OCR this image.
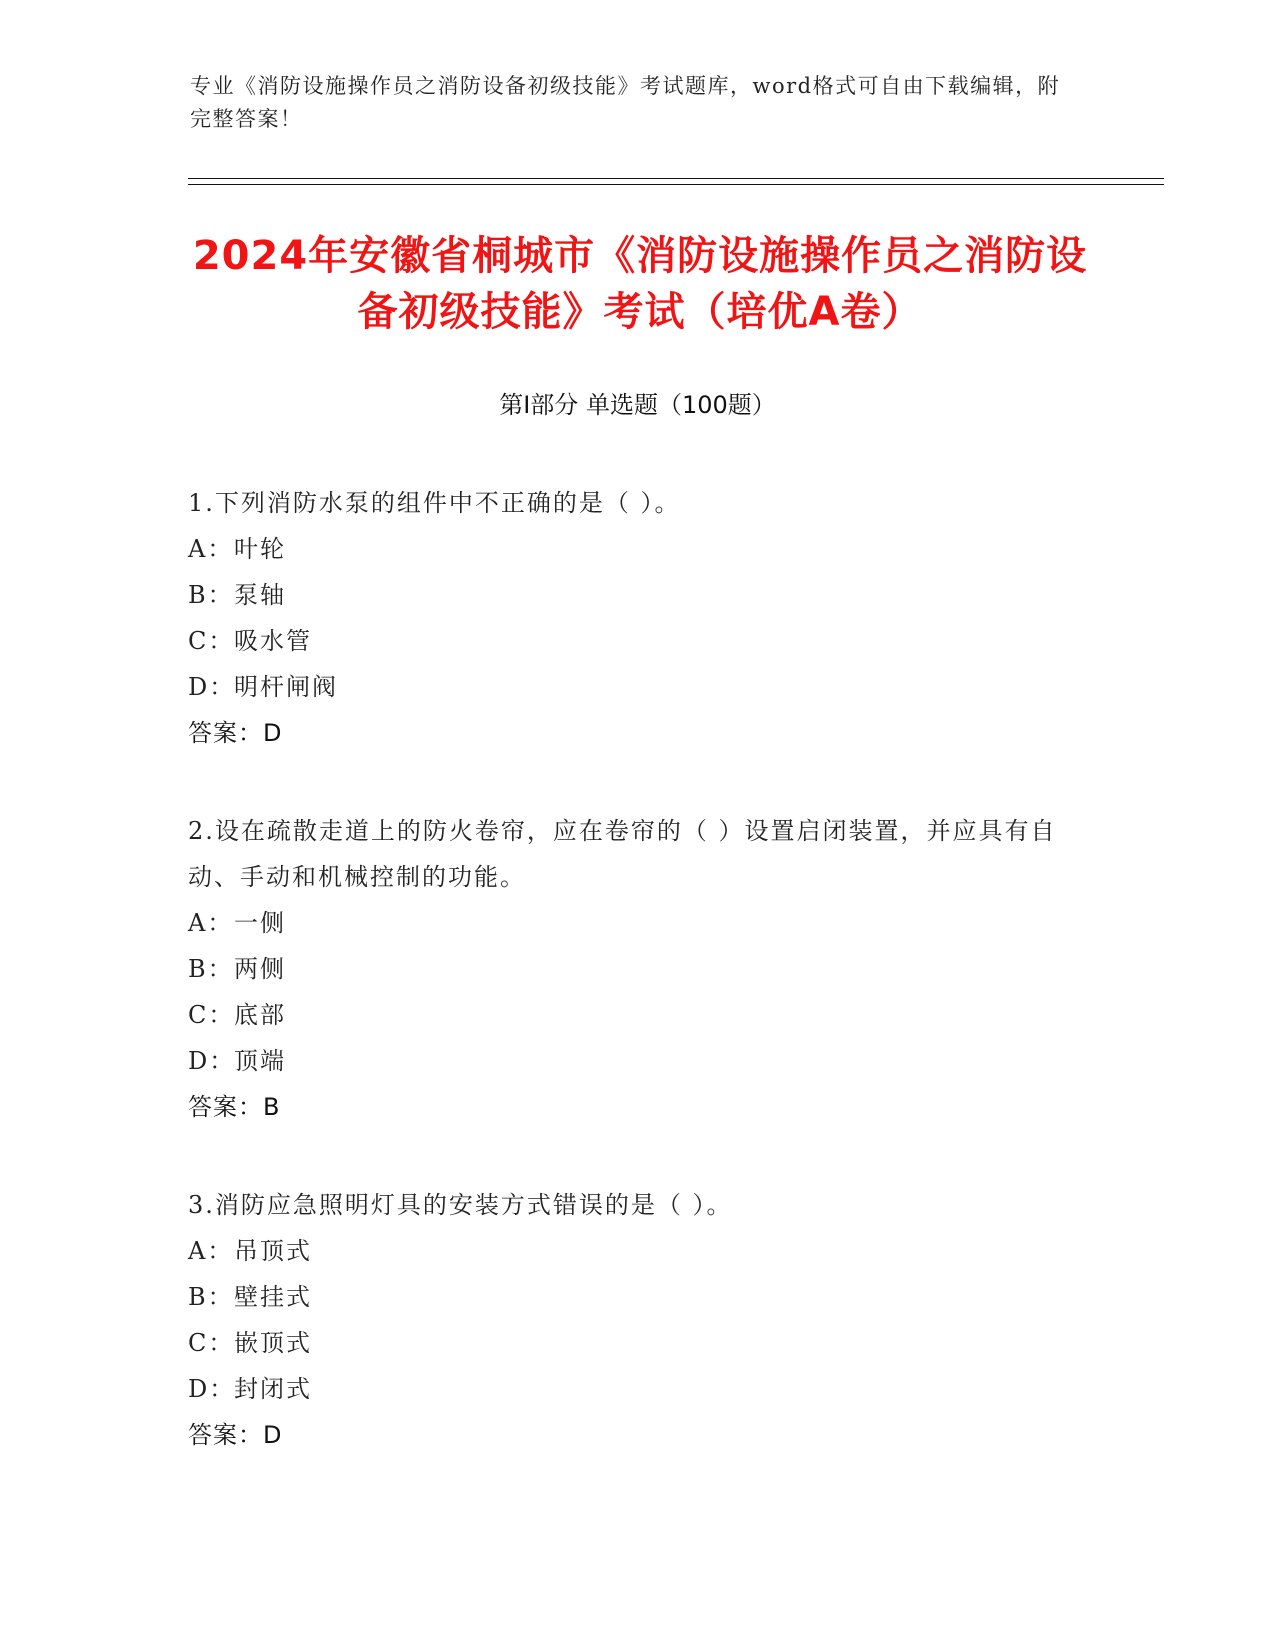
专业《消防设施操作员之消防设备初级技能》考试题库，word格式可自由下载编辑，附完整答案！
2024年安徽省桐城市《消防设施操作员之消防设备初级技能》考试（培优A卷）
第Ⅰ部分 单选题（100题）
1.下列消防水泵的组件中不正确的是（ ）。
A：叶轮
B：泵轴
C：吸水管
D：明杆闸阀
答案：D
2.设在疏散走道上的防火卷帘，应在卷帘的（ ）设置启闭装置，并应具有自动、手动和机械控制的功能。
A：一侧
B：两侧
C：底部
D：顶端
答案：B
3.消防应急照明灯具的安装方式错误的是（ ）。
A：吊顶式
B：壁挂式
C：嵌顶式
D：封闭式
答案：D
